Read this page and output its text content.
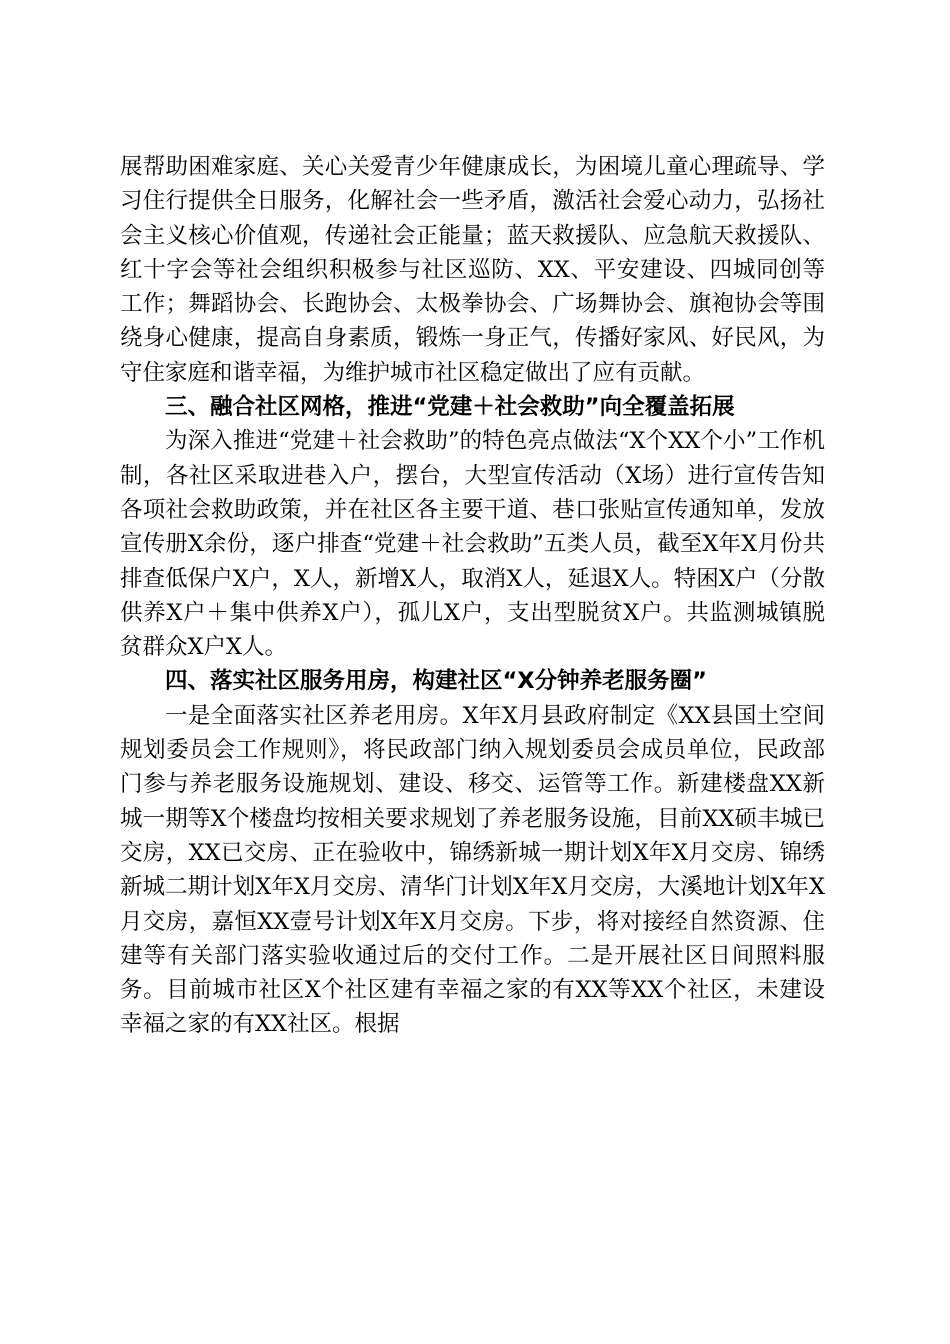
展帮助困难家庭、关心关爱青少年健康成长，为困境儿童心理疏导、学习住行提供全日服务，化解社会一些矛盾，激活社会爱心动力，弘扬社会主义核心价值观，传递社会正能量；蓝天救援队、应急航天救援队、红十字会等社会组织积极参与社区巡防、XX、平安建设、四城同创等工作；舞蹈协会、长跑协会、太极拳协会、广场舞协会、旗袍协会等围绕身心健康，提高自身素质，锻炼一身正气，传播好家风、好民风，为守住家庭和谐幸福，为维护城市社区稳定做出了应有贡献。

三、融合社区网格，推进“党建＋社会救助”向全覆盖拓展

为深入推进“党建＋社会救助”的特色亮点做法“X个XX个小”工作机制，各社区采取进巷入户，摆台，大型宣传活动（X场）进行宣传告知各项社会救助政策，并在社区各主要干道、巷口张贴宣传通知单，发放宣传册X余份，逐户排查“党建＋社会救助”五类人员，截至X年X月份共排查低保户X户，X人，新增X人，取消X人，延退X人。特困X户（分散供养X户＋集中供养X户），孤儿X户，支出型脱贫X户。共监测城镇脱贫群众X户X人。

四、落实社区服务用房，构建社区“X分钟养老服务圈”

一是全面落实社区养老用房。X年X月县政府制定《XX县国土空间规划委员会工作规则》，将民政部门纳入规划委员会成员单位，民政部门参与养老服务设施规划、建设、移交、运管等工作。新建楼盘XX新城一期等X个楼盘均按相关要求规划了养老服务设施，目前XX硕丰城已交房，XX已交房、正在验收中，锦绣新城一期计划X年X月交房、锦绣新城二期计划X年X月交房、清华门计划X年X月交房，大溪地计划X年X月交房，嘉恒XX壹号计划X年X月交房。下步，将对接经自然资源、住建等有关部门落实验收通过后的交付工作。二是开展社区日间照料服务。目前城市社区X个社区建有幸福之家的有XX等XX个社区，未建设幸福之家的有XX社区。根据
